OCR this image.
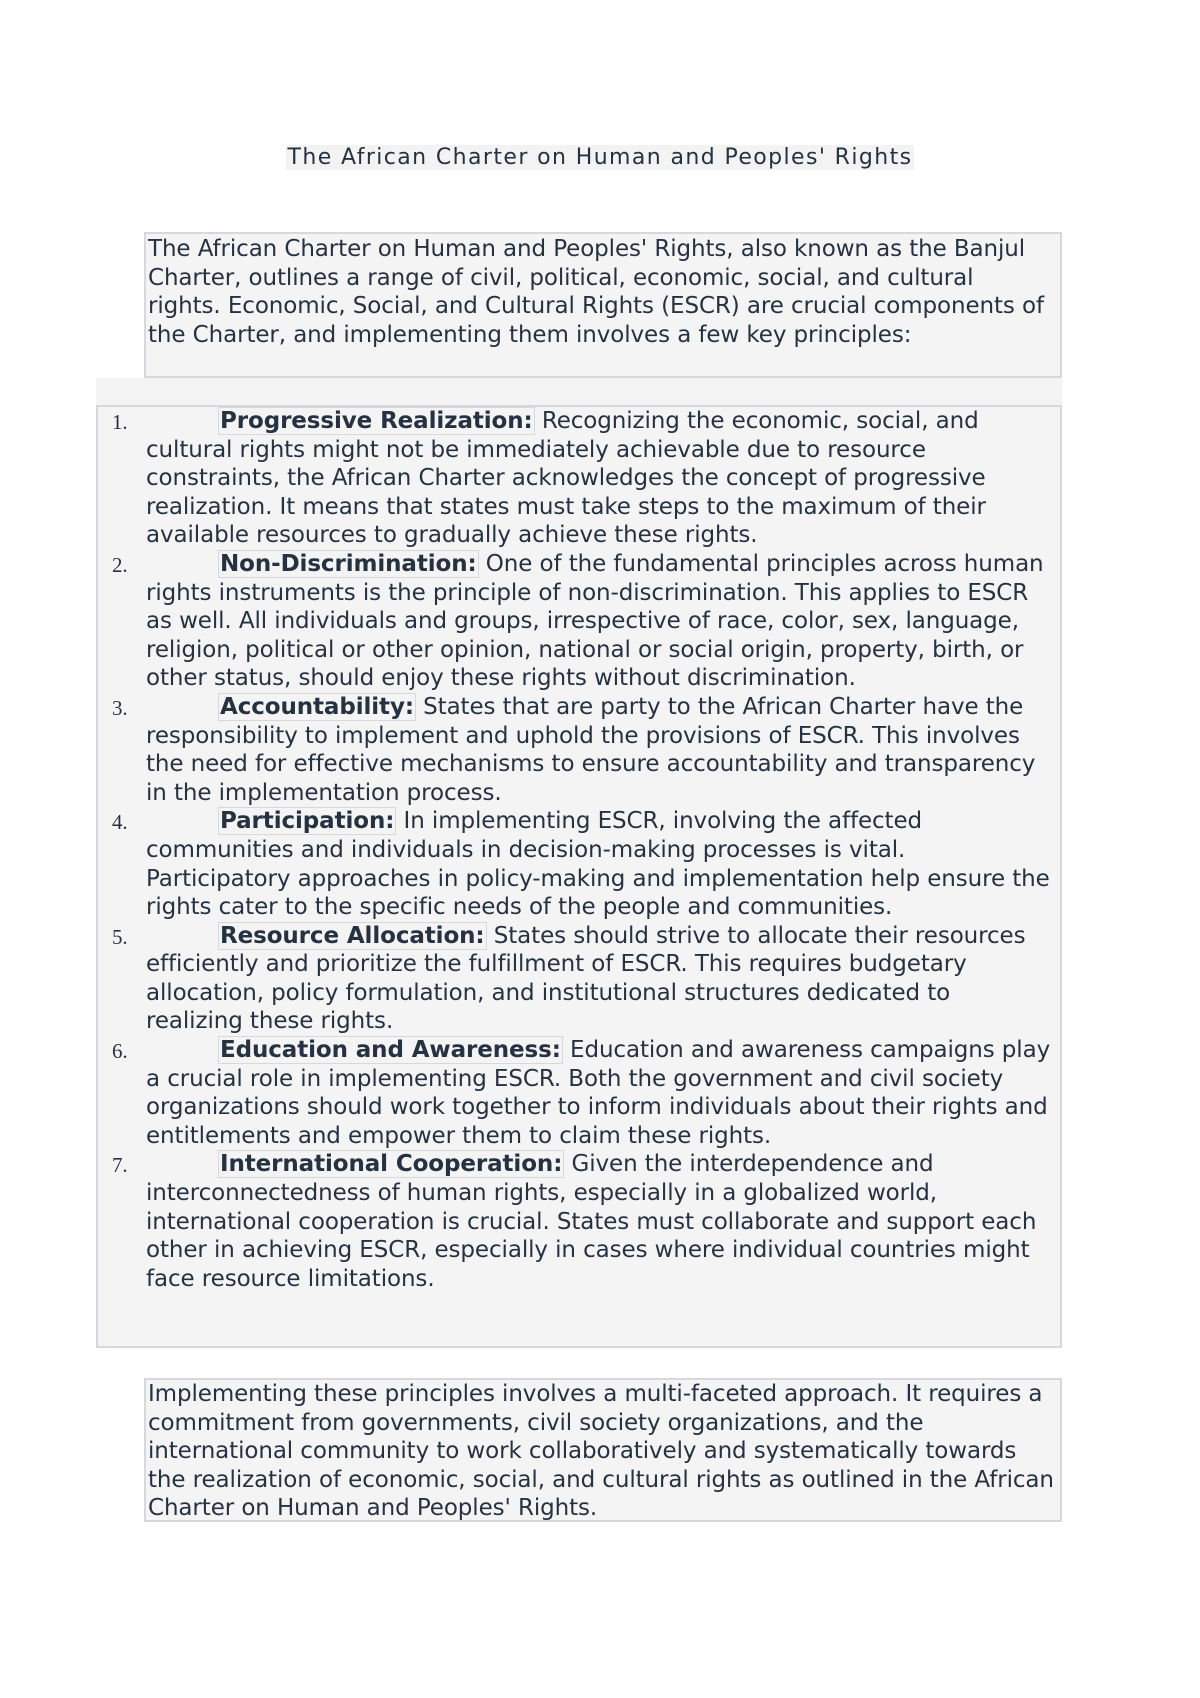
The African Charter on Human and Peoples' Rights
The African Charter on Human and Peoples' Rights, also known as the Banjul Charter, outlines a range of civil, political, economic, social, and cultural rights. Economic, Social, and Cultural Rights (ESCR) are crucial components of the Charter, and implementing them involves a few key principles:
1.	Progressive Realization: Recognizing the economic, social, and cultural rights might not be immediately achievable due to resource constraints, the African Charter acknowledges the concept of progressive realization. It means that states must take steps to the maximum of their available resources to gradually achieve these rights.
2.	Non-Discrimination: One of the fundamental principles across human rights instruments is the principle of non-discrimination. This applies to ESCR as well. All individuals and groups, irrespective of race, color, sex, language, religion, political or other opinion, national or social origin, property, birth, or other status, should enjoy these rights without discrimination.
3.	Accountability: States that are party to the African Charter have the responsibility to implement and uphold the provisions of ESCR. This involves the need for effective mechanisms to ensure accountability and transparency in the implementation process.
4.	Participation: In implementing ESCR, involving the affected communities and individuals in decision-making processes is vital. Participatory approaches in policy-making and implementation help ensure the rights cater to the specific needs of the people and communities.
5.	Resource Allocation: States should strive to allocate their resources efficiently and prioritize the fulfillment of ESCR. This requires budgetary allocation, policy formulation, and institutional structures dedicated to realizing these rights.
6.	Education and Awareness: Education and awareness campaigns play a crucial role in implementing ESCR. Both the government and civil society organizations should work together to inform individuals about their rights and entitlements and empower them to claim these rights.
7.	International Cooperation: Given the interdependence and interconnectedness of human rights, especially in a globalized world, international cooperation is crucial. States must collaborate and support each other in achieving ESCR, especially in cases where individual countries might face resource limitations.
Implementing these principles involves a multi-faceted approach. It requires a commitment from governments, civil society organizations, and the international community to work collaboratively and systematically towards the realization of economic, social, and cultural rights as outlined in the African Charter on Human and Peoples' Rights.
